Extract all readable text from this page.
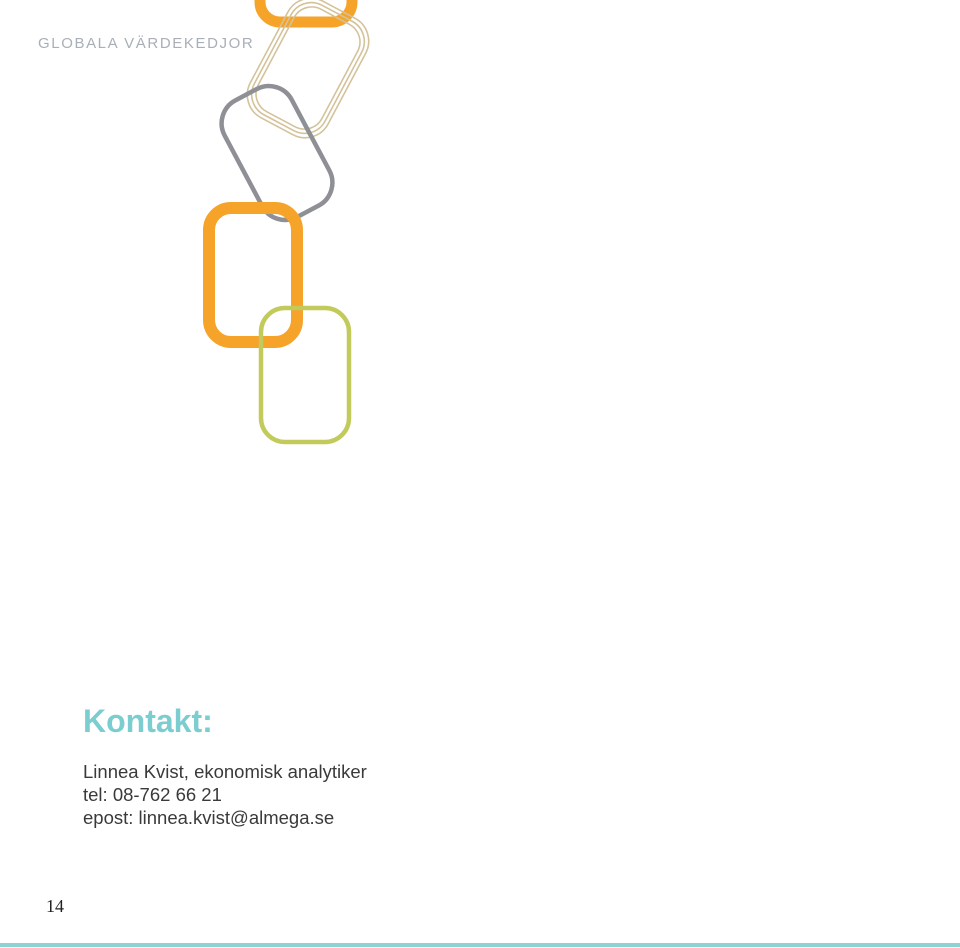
GLOBALA VÄRDEKEDJOR
Kontakt:
Linnea Kvist, ekonomisk analytiker
tel: 08-762 66 21
epost: linnea.kvist@almega.se
14
